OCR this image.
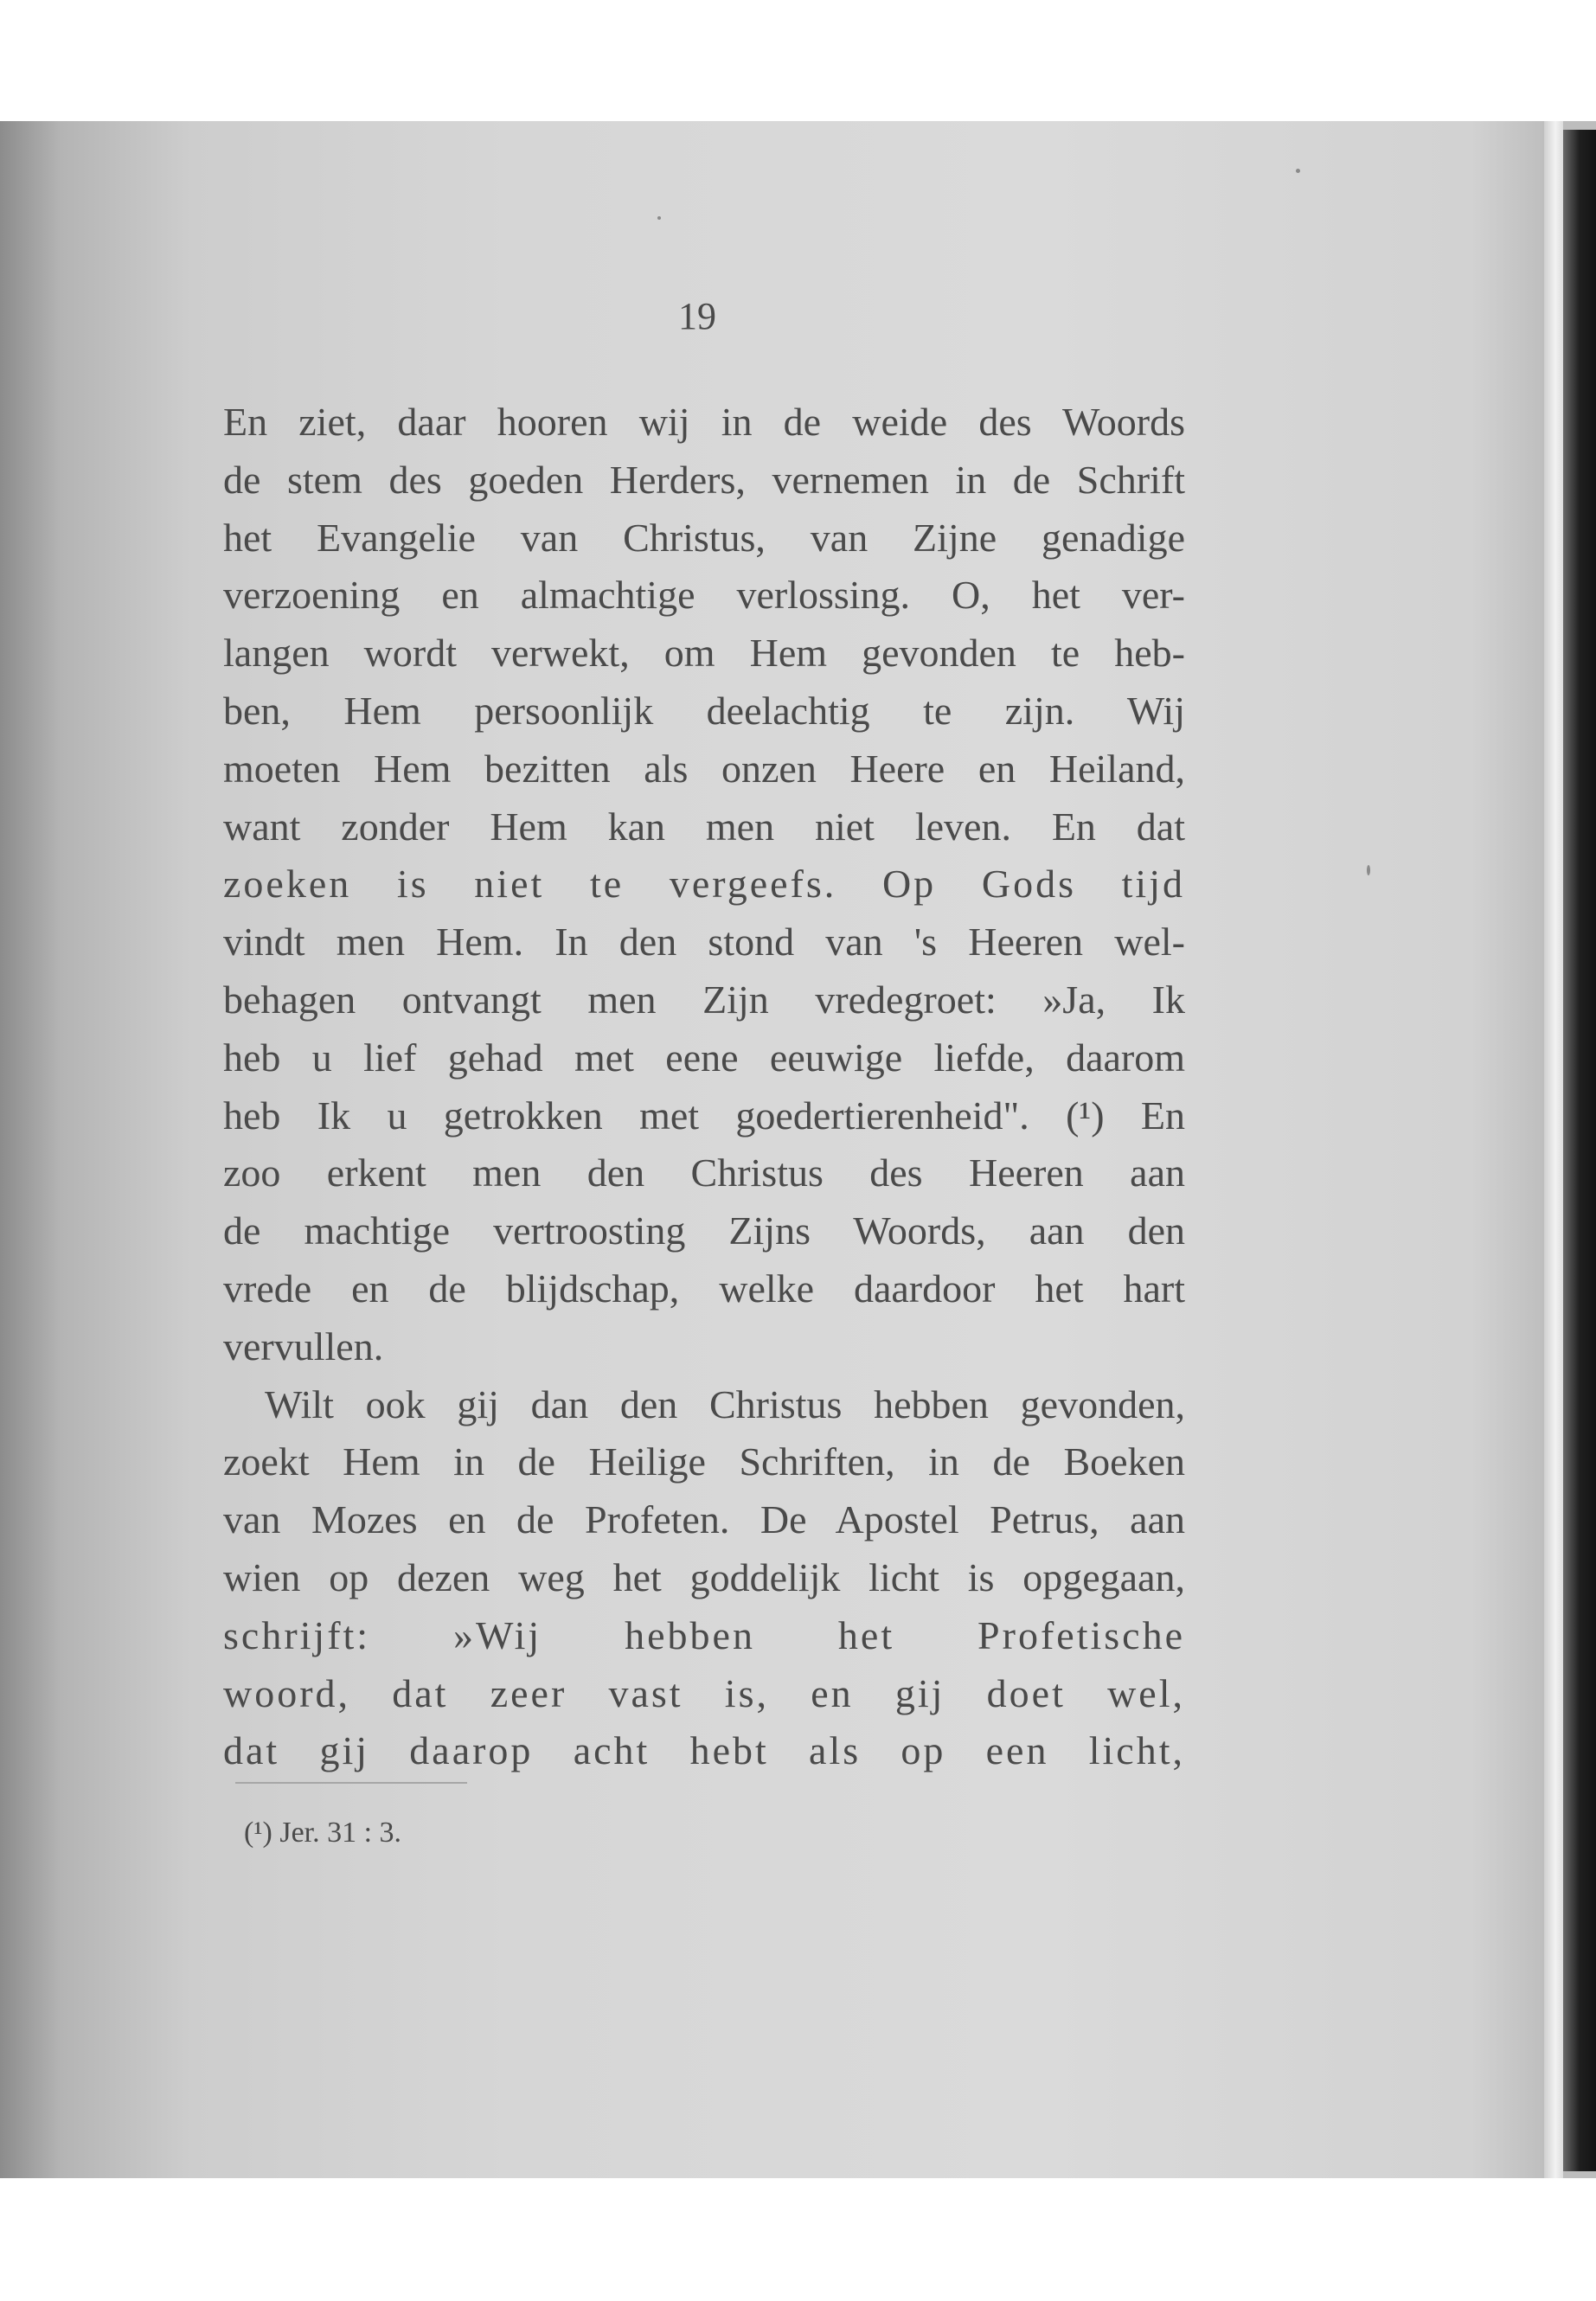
19
En ziet, daar hooren wij in de weide des Woords
de stem des goeden Herders, vernemen in de Schrift
het Evangelie van Christus, van Zijne genadige
verzoening en almachtige verlossing. O, het ver-
langen wordt verwekt, om Hem gevonden te heb-
ben, Hem persoonlijk deelachtig te zijn. Wij
moeten Hem bezitten als onzen Heere en Heiland,
want zonder Hem kan men niet leven. En dat
zoeken is niet te vergeefs. Op Gods tijd
vindt men Hem. In den stond van 's Heeren wel-
behagen ontvangt men Zijn vredegroet: »Ja, Ik
heb u lief gehad met eene eeuwige liefde, daarom
heb Ik u getrokken met goedertierenheid". (¹) En
zoo erkent men den Christus des Heeren aan
de machtige vertroosting Zijns Woords, aan den
vrede en de blijdschap, welke daardoor het hart
vervullen.
Wilt ook gij dan den Christus hebben gevonden,
zoekt Hem in de Heilige Schriften, in de Boeken
van Mozes en de Profeten. De Apostel Petrus, aan
wien op dezen weg het goddelijk licht is opgegaan,
schrijft: »Wij hebben het Profetische
woord, dat zeer vast is, en gij doet wel,
dat gij daarop acht hebt als op een licht,
(¹) Jer. 31 : 3.
